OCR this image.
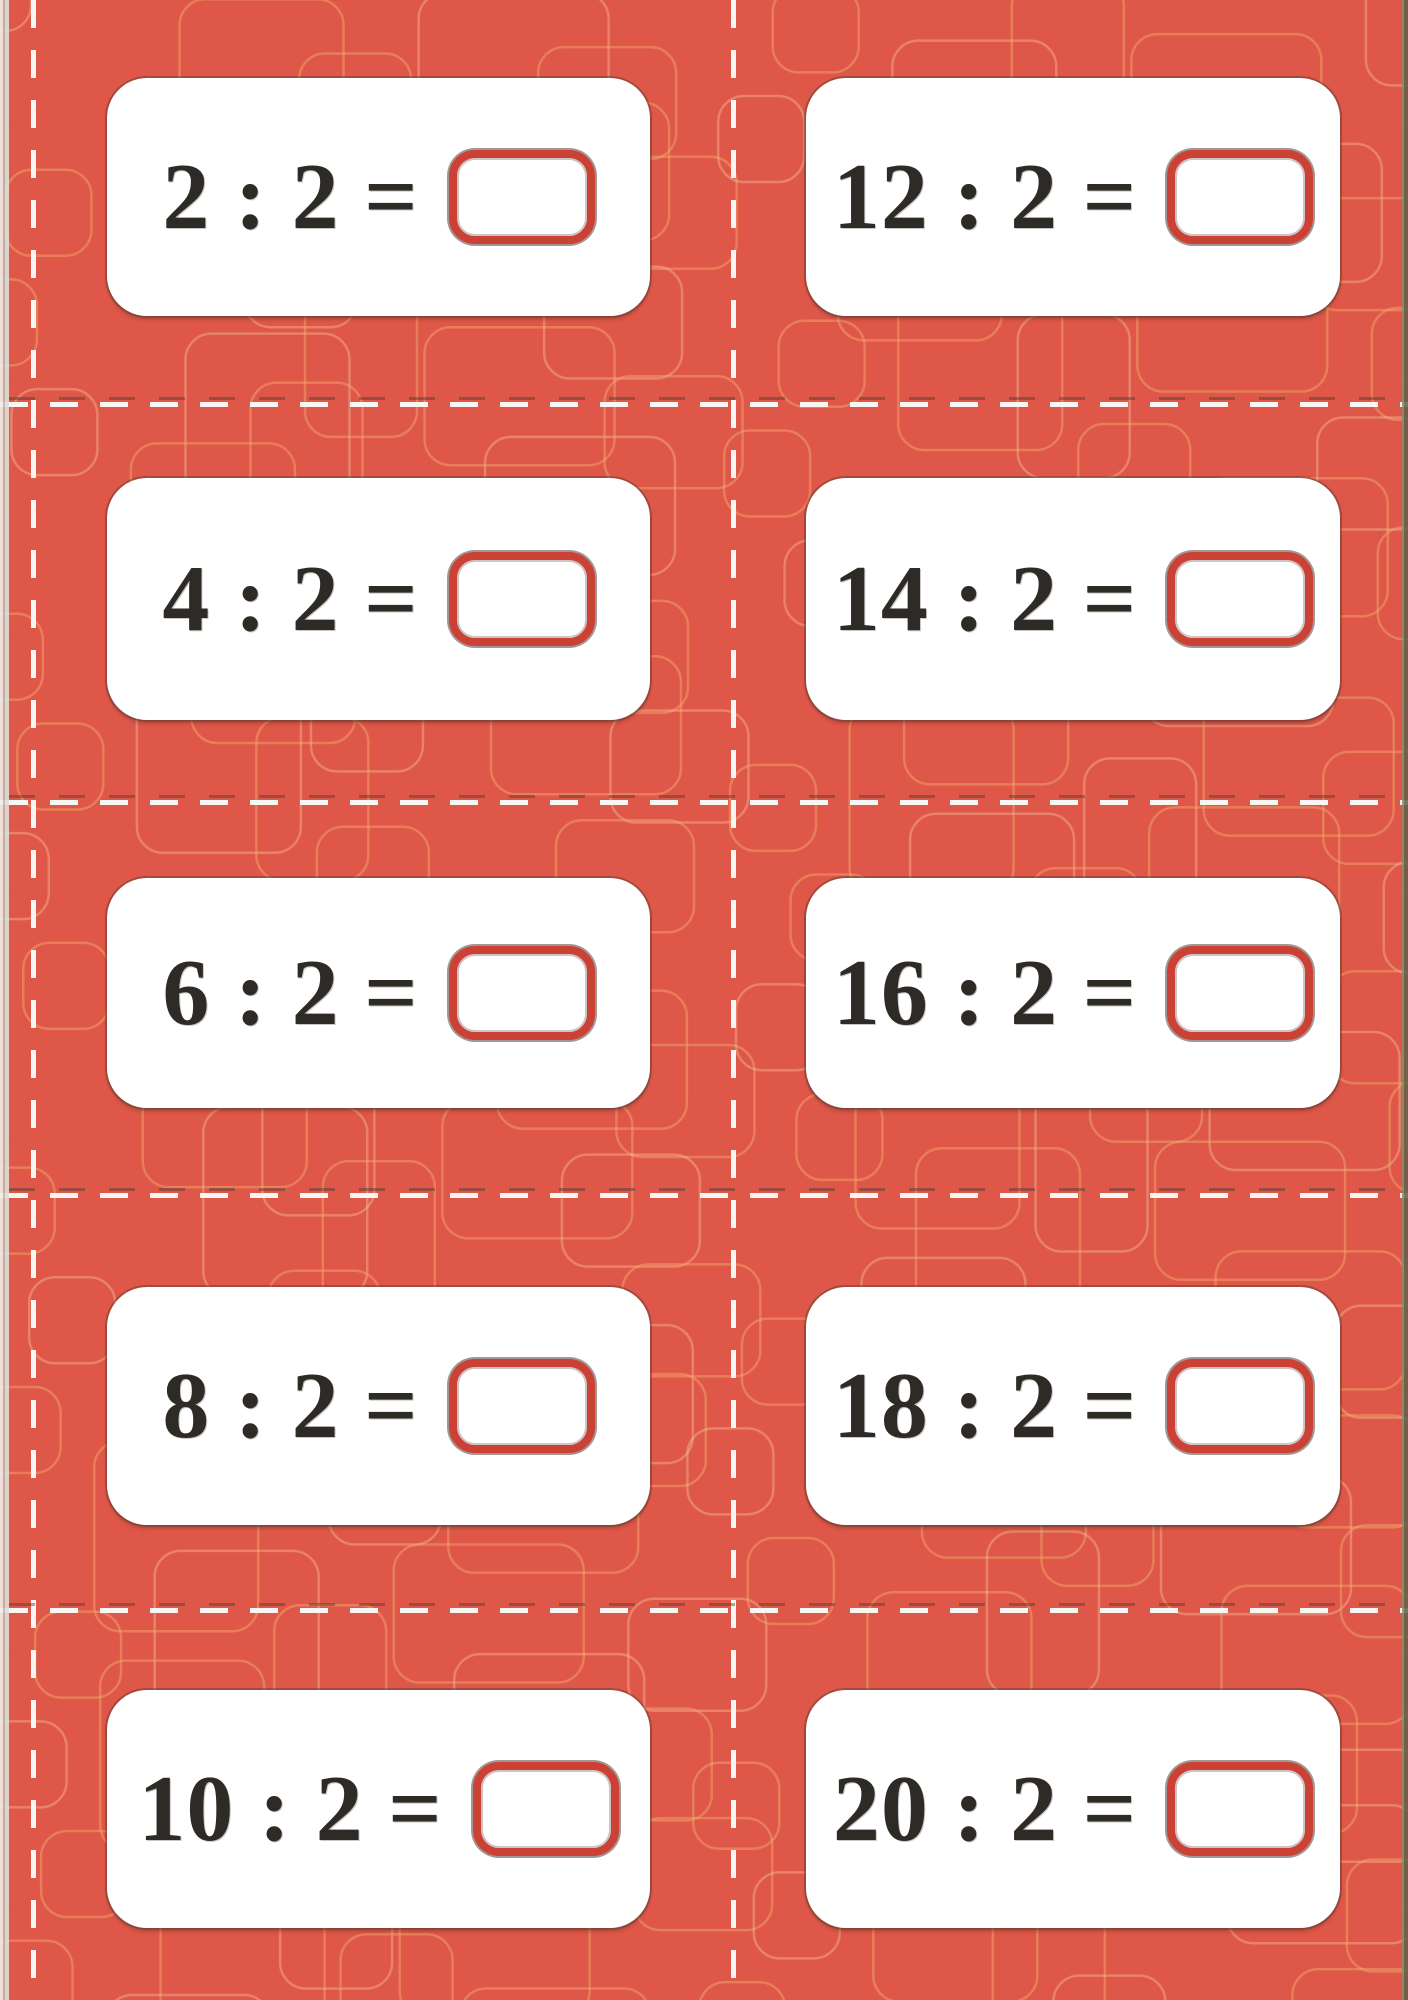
2 : 2 =	12 : 2 =
4 : 2 =	14 : 2 =
6 : 2 =	16 : 2 =
8 : 2 =	18 : 2 =
10 : 2 =	20 : 2 =
